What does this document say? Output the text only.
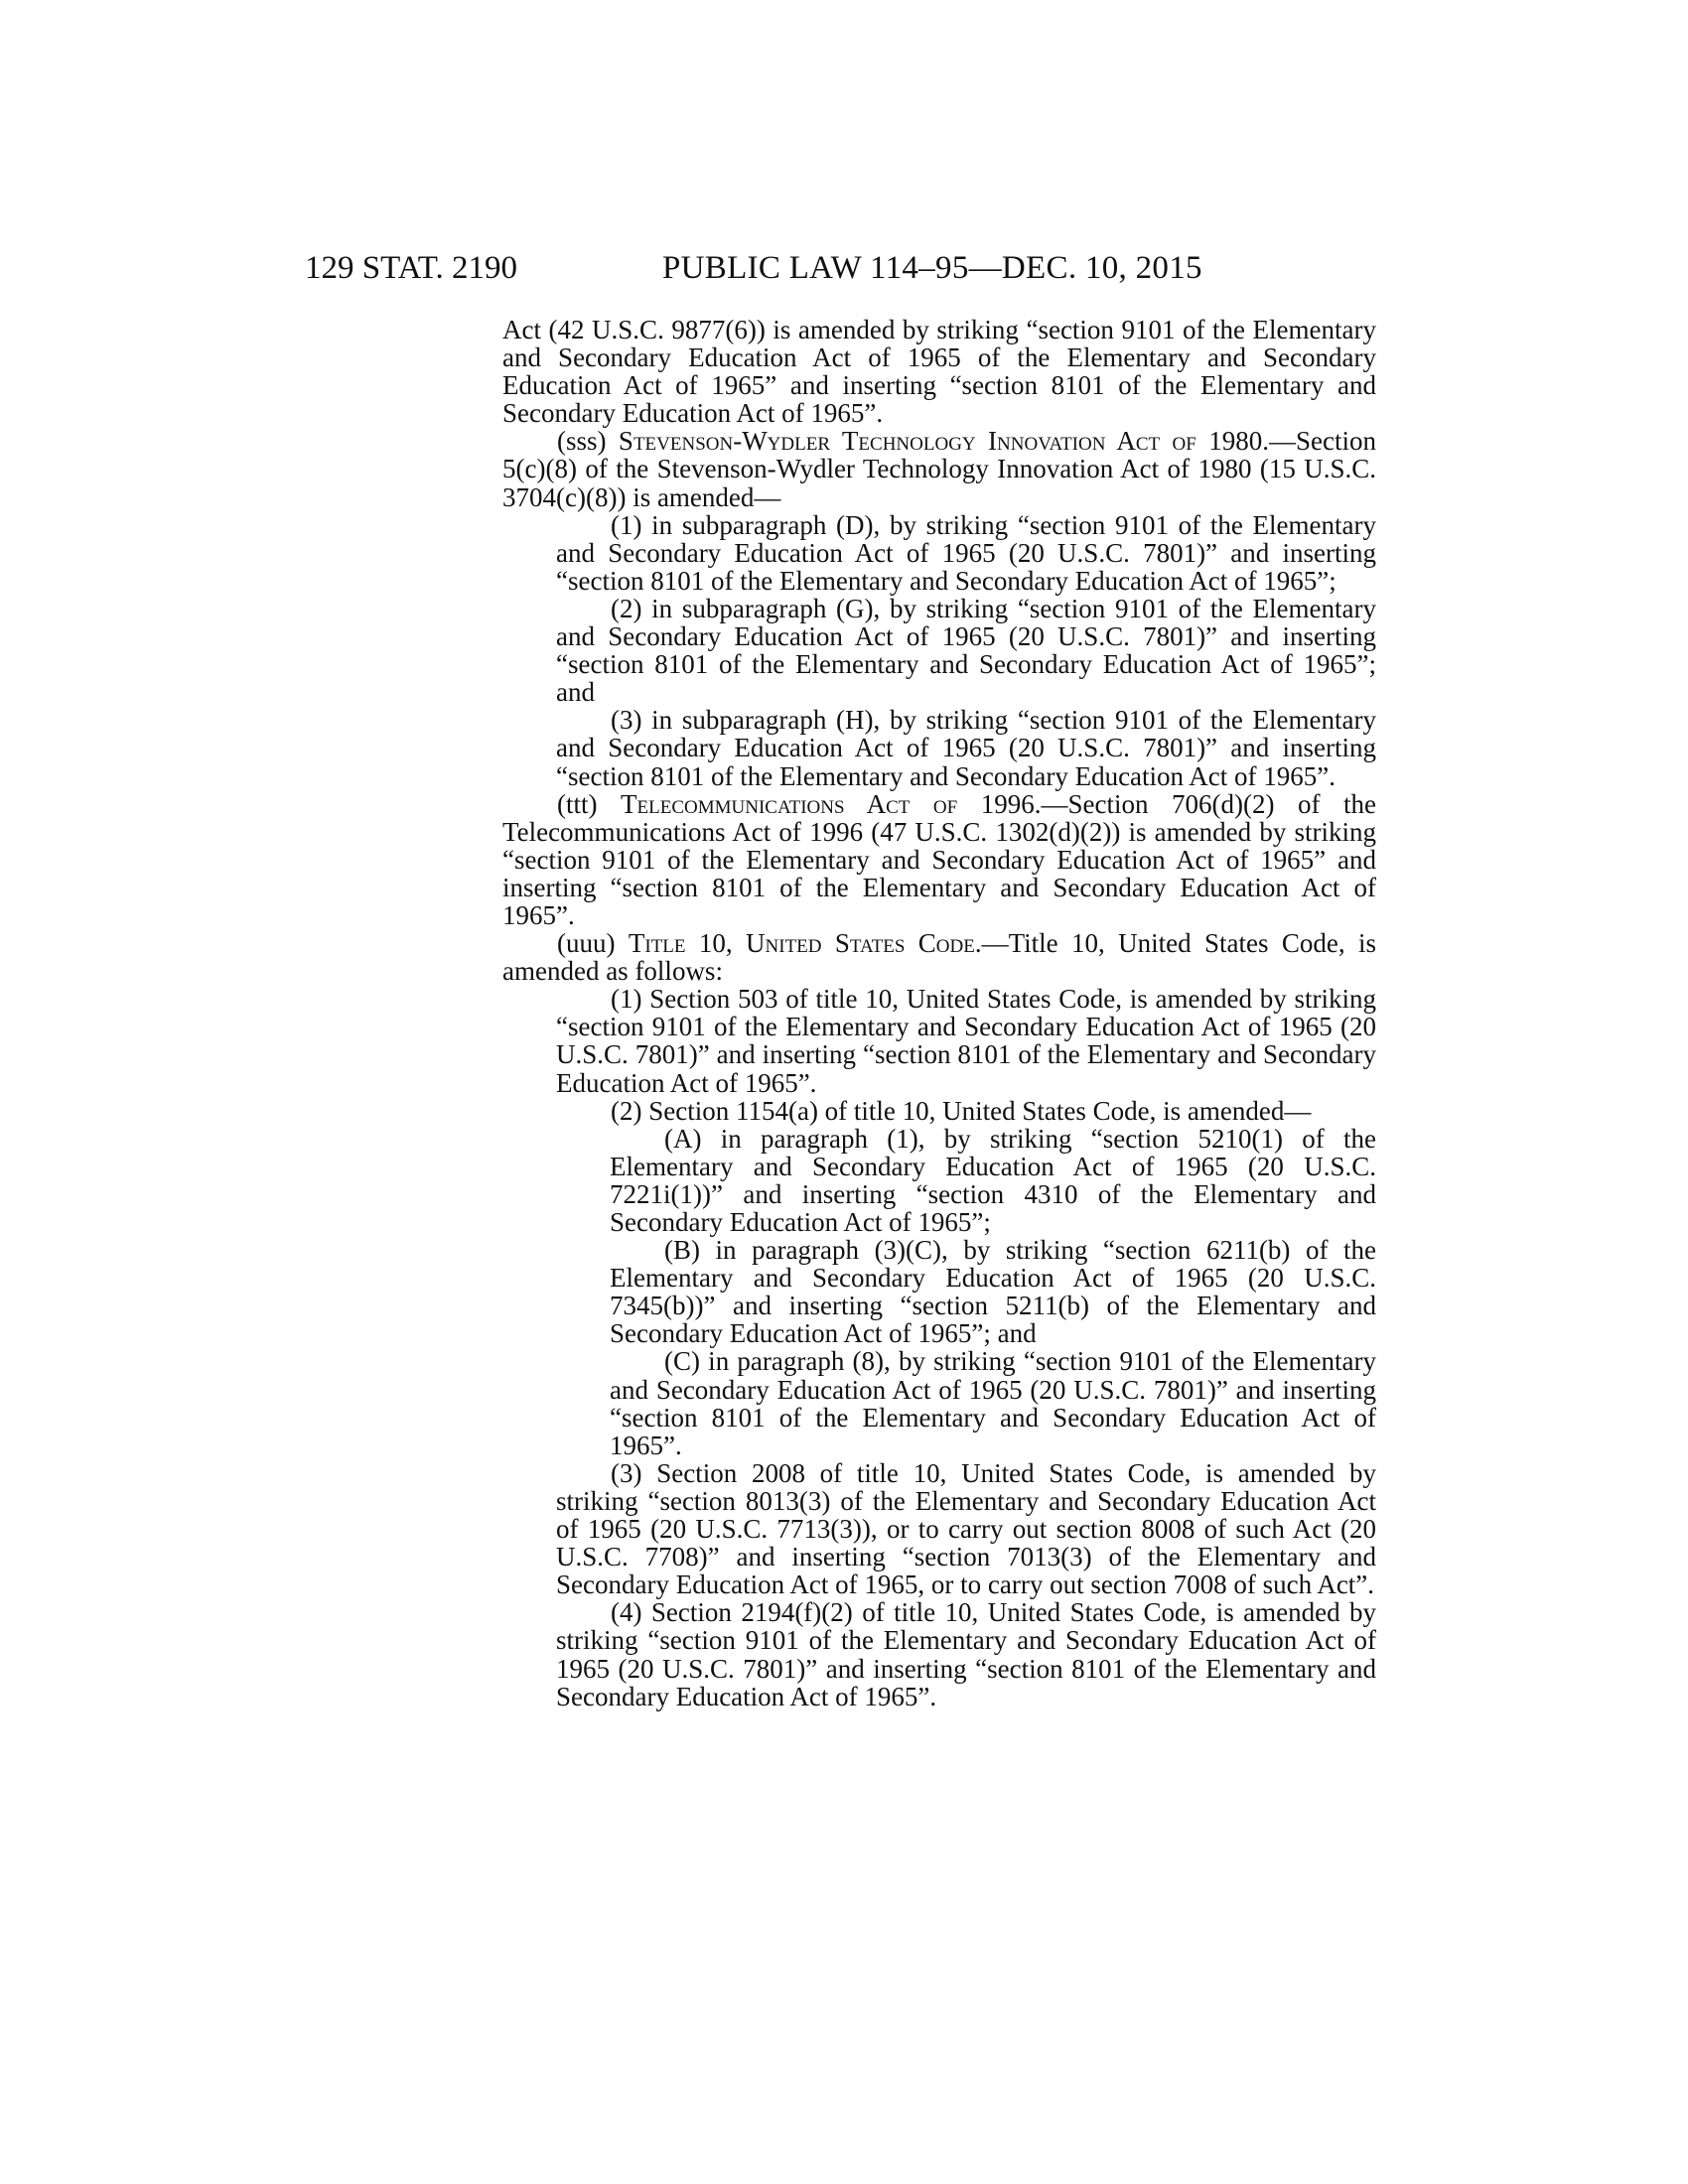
129 STAT. 2190	PUBLIC LAW 114–95—DEC. 10, 2015

Act (42 U.S.C. 9877(6)) is amended by striking “section 9101 of the Elementary and Secondary Education Act of 1965 of the Elementary and Secondary Education Act of 1965” and inserting “section 8101 of the Elementary and Secondary Education Act of 1965”.

(sss) Stevenson-Wydler Technology Innovation Act of 1980.—Section 5(c)(8) of the Stevenson-Wydler Technology Innovation Act of 1980 (15 U.S.C. 3704(c)(8)) is amended—

(1) in subparagraph (D), by striking “section 9101 of the Elementary and Secondary Education Act of 1965 (20 U.S.C. 7801)” and inserting “section 8101 of the Elementary and Secondary Education Act of 1965”;

(2) in subparagraph (G), by striking “section 9101 of the Elementary and Secondary Education Act of 1965 (20 U.S.C. 7801)” and inserting “section 8101 of the Elementary and Secondary Education Act of 1965”; and

(3) in subparagraph (H), by striking “section 9101 of the Elementary and Secondary Education Act of 1965 (20 U.S.C. 7801)” and inserting “section 8101 of the Elementary and Secondary Education Act of 1965”.

(ttt) Telecommunications Act of 1996.—Section 706(d)(2) of the Telecommunications Act of 1996 (47 U.S.C. 1302(d)(2)) is amended by striking “section 9101 of the Elementary and Secondary Education Act of 1965” and inserting “section 8101 of the Elementary and Secondary Education Act of 1965”.

(uuu) Title 10, United States Code.—Title 10, United States Code, is amended as follows:

(1) Section 503 of title 10, United States Code, is amended by striking “section 9101 of the Elementary and Secondary Education Act of 1965 (20 U.S.C. 7801)” and inserting “section 8101 of the Elementary and Secondary Education Act of 1965”.

(2) Section 1154(a) of title 10, United States Code, is amended—

(A) in paragraph (1), by striking “section 5210(1) of the Elementary and Secondary Education Act of 1965 (20 U.S.C. 7221i(1))” and inserting “section 4310 of the Elementary and Secondary Education Act of 1965”;

(B) in paragraph (3)(C), by striking “section 6211(b) of the Elementary and Secondary Education Act of 1965 (20 U.S.C. 7345(b))” and inserting “section 5211(b) of the Elementary and Secondary Education Act of 1965”; and

(C) in paragraph (8), by striking “section 9101 of the Elementary and Secondary Education Act of 1965 (20 U.S.C. 7801)” and inserting “section 8101 of the Elementary and Secondary Education Act of 1965”.

(3) Section 2008 of title 10, United States Code, is amended by striking “section 8013(3) of the Elementary and Secondary Education Act of 1965 (20 U.S.C. 7713(3)), or to carry out section 8008 of such Act (20 U.S.C. 7708)” and inserting “section 7013(3) of the Elementary and Secondary Education Act of 1965, or to carry out section 7008 of such Act”.

(4) Section 2194(f)(2) of title 10, United States Code, is amended by striking “section 9101 of the Elementary and Secondary Education Act of 1965 (20 U.S.C. 7801)” and inserting “section 8101 of the Elementary and Secondary Education Act of 1965”.
